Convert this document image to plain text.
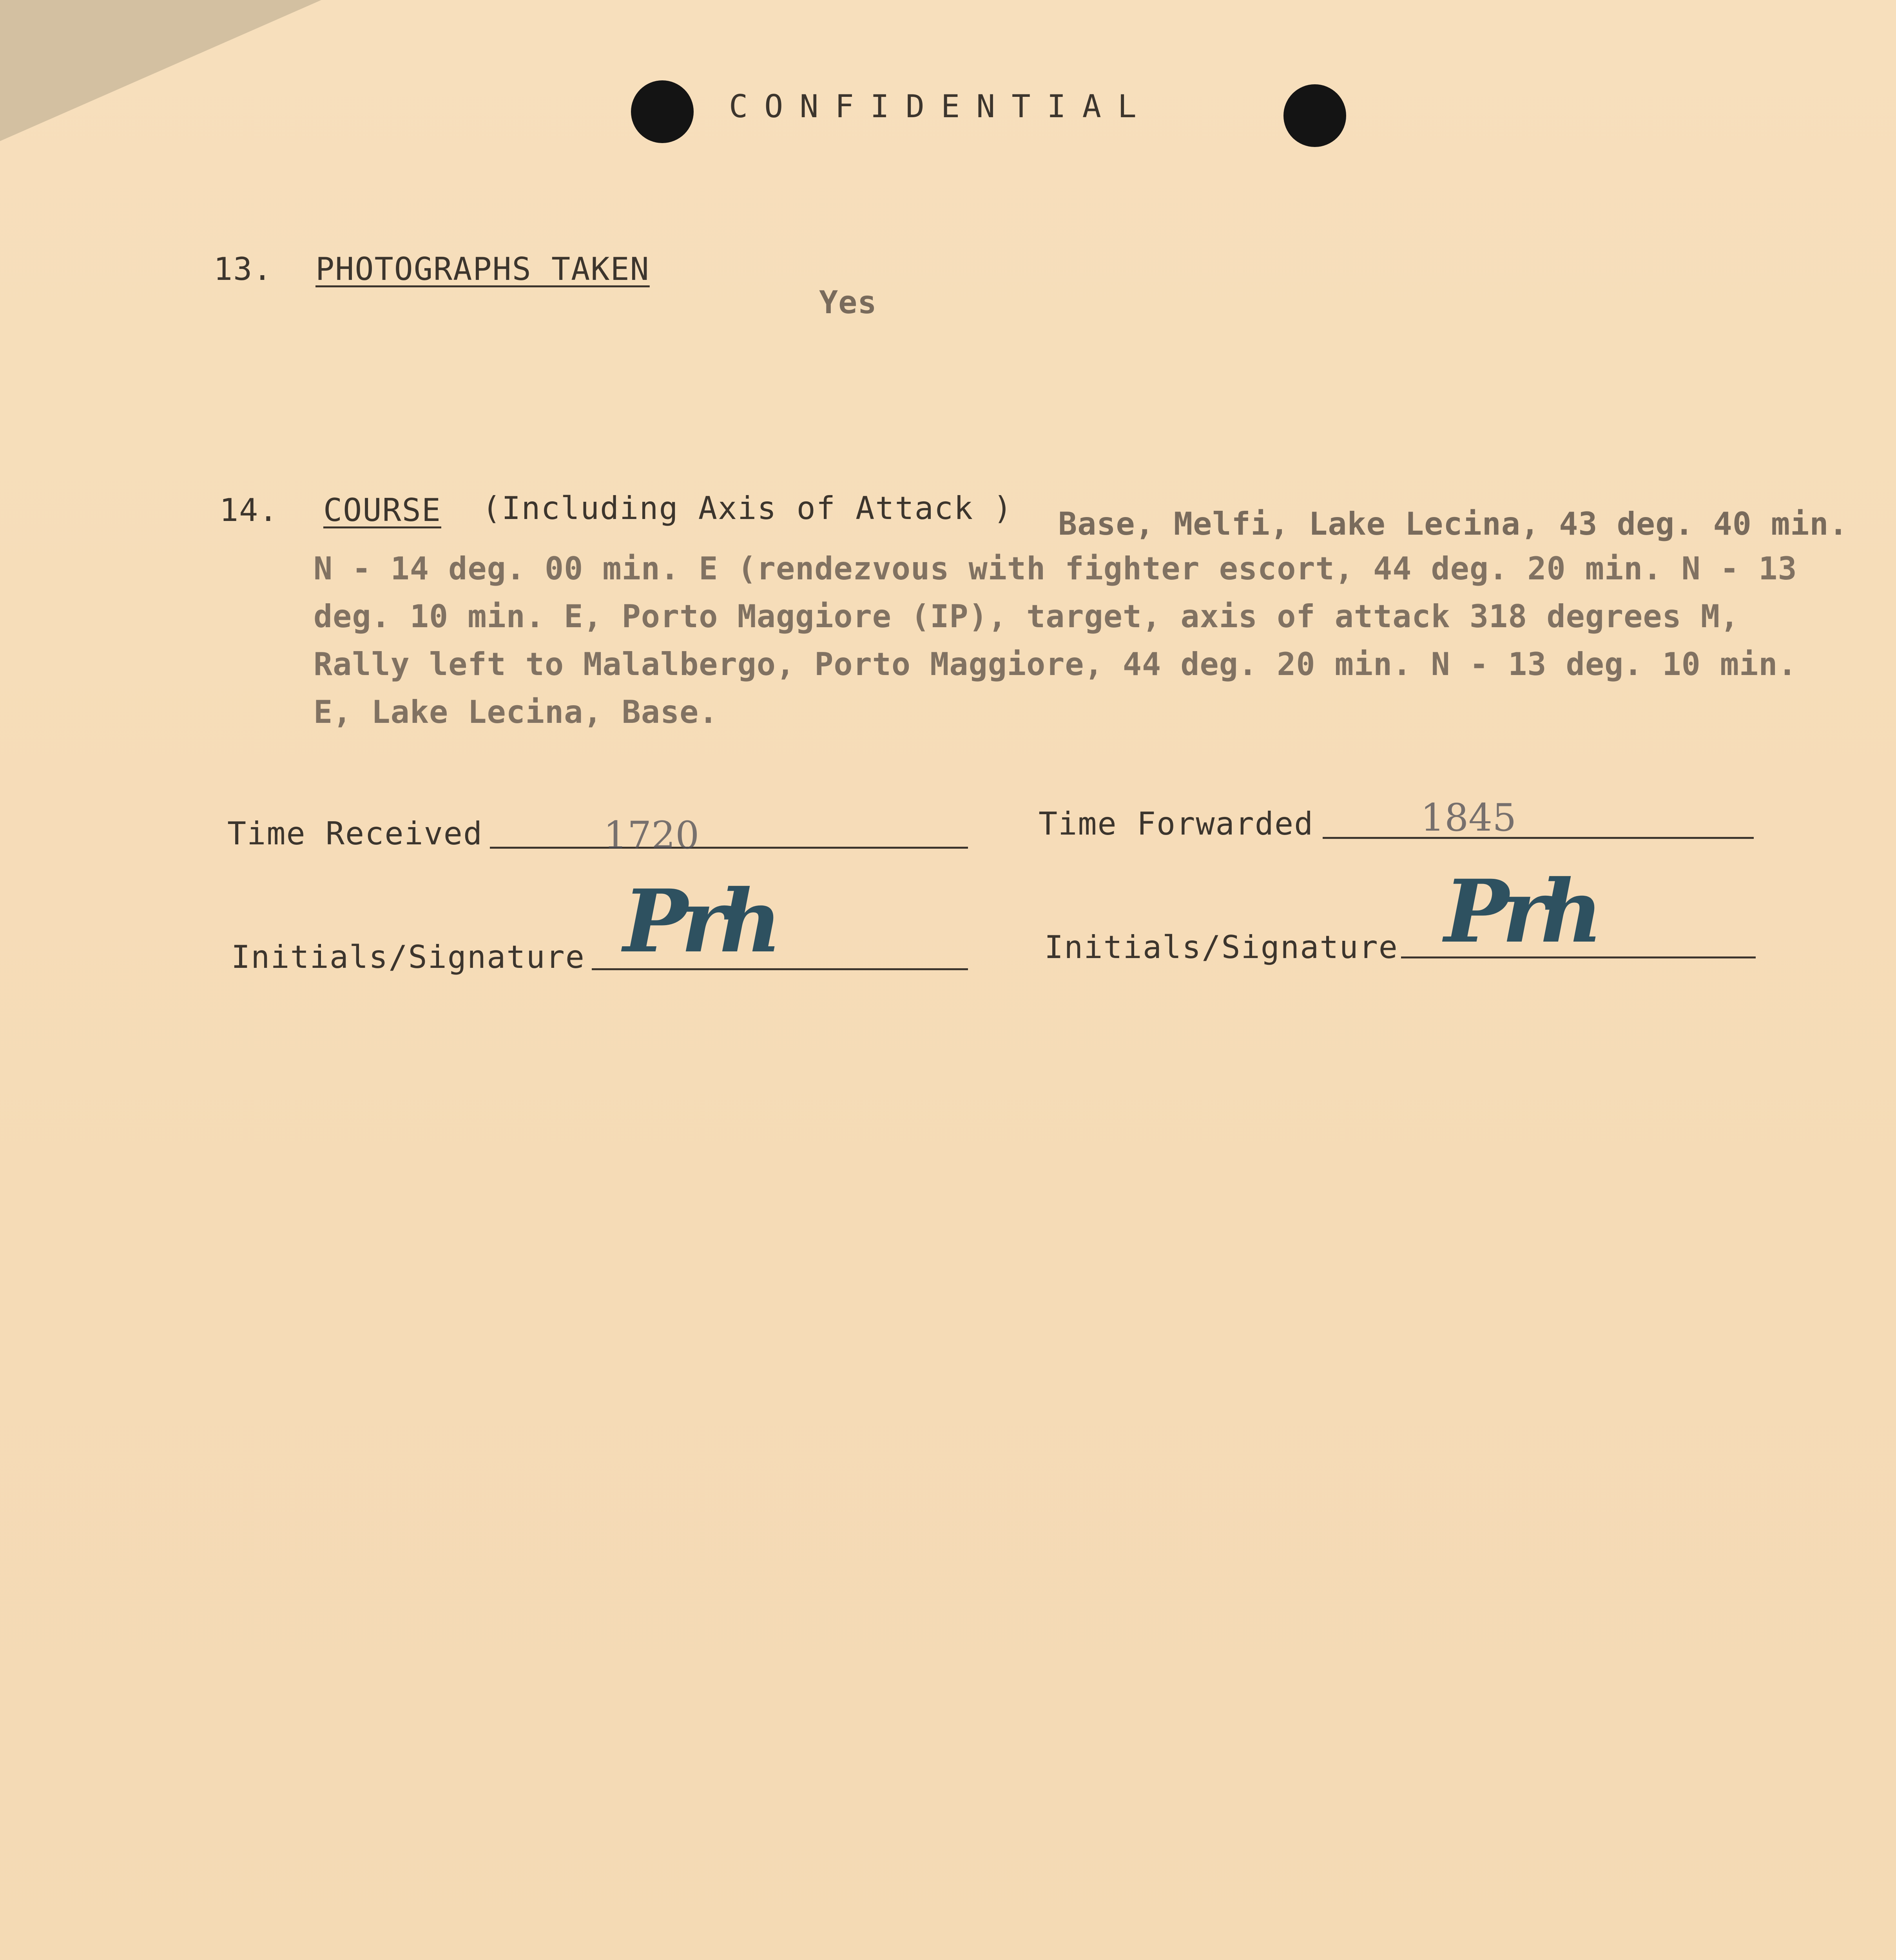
CONFIDENTIAL
13. PHOTOGRAPHS TAKEN
Yes
14. COURSE (Including Axis of Attack ) Base, Melfi, Lake Lecina, 43 deg. 40 min.
N - 14 deg. 00 min. E (rendezvous with fighter escort, 44 deg. 20 min. N - 13 deg. 10 min. E, Porto Maggiore (IP), target, axis of attack 318 degrees M, Rally left to Malalbergo, Porto Maggiore, 44 deg. 20 min. N - 13 deg. 10 min. E, Lake Lecina, Base.
Time Received	1720	Time Forwarded	1845
Initials/Signature Prh	Initials/Signature Prh
